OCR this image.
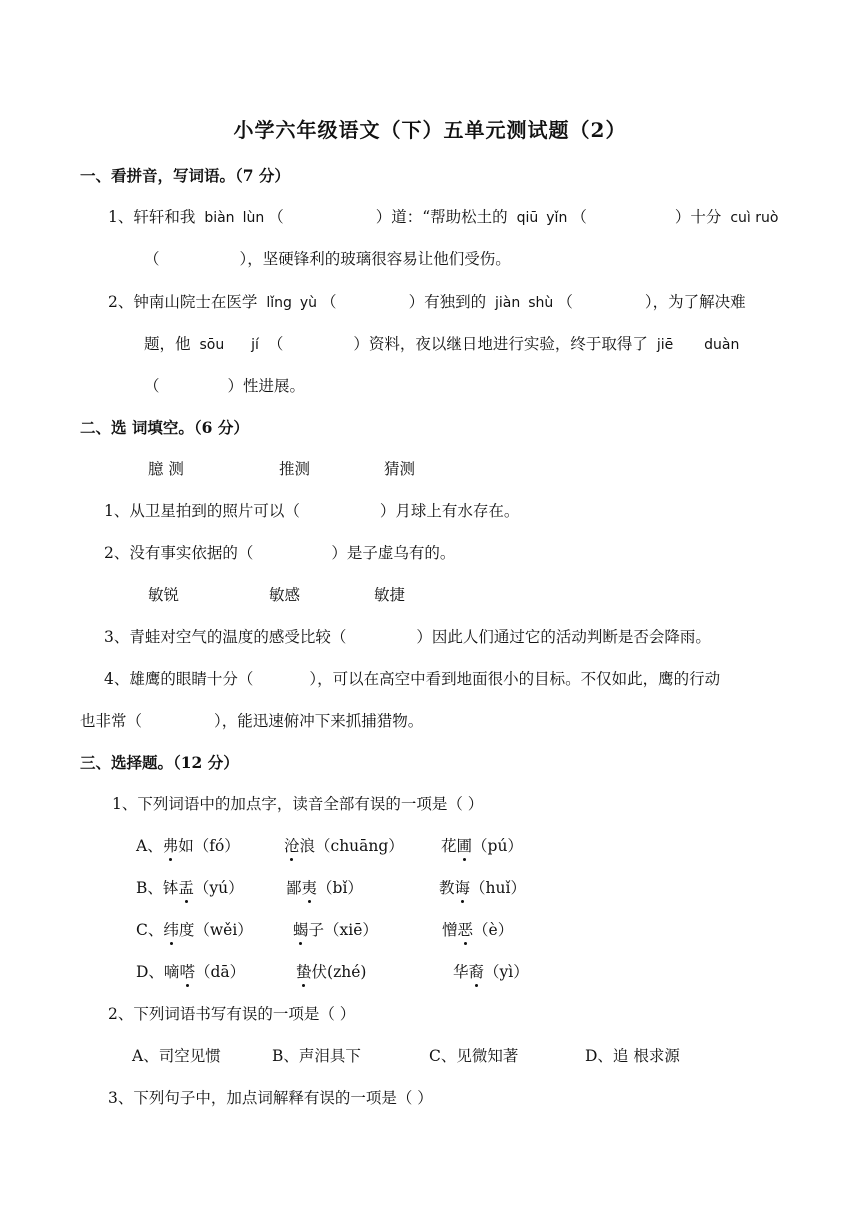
小学六年级语文（下）五单元测试题（2）
一、看拼音，写词语。（7 分）
1、轩轩和我 biàn lùn （	）道：“帮助松土的 qiū yǐn （	）十分 cuì ruò
（	），坚硬锋利的玻璃很容易让他们受伤。
2、钟南山院士在医学 lǐng yù （	）有独到的 jiàn shù （	），为了解决难
题，他 sōu jí （	）资料，夜以继日地进行实验，终于取得了 jiē duàn
（	）性进展。
二、选 词填空。（6 分）
臆 测	推测	猜测
1、从卫星拍到的照片可以（	）月球上有水存在。
2、没有事实依据的（	）是子虚乌有的。
敏锐	敏感	敏捷
3、青蛙对空气的温度的感受比较（	）因此人们通过它的活动判断是否会降雨。
4、雄鹰的眼睛十分（	），可以在高空中看到地面很小的目标。不仅如此，鹰的行动
也非常（	），能迅速俯冲下来抓捕猎物。
三、选择题。（12 分）
1、下列词语中的加点字，读音全部有误的一项是（ ）
A、弗如（fó）	沧浪（chuāng） 花圃（pú）
B、钵盂（yú）	鄙夷（bǐ）	教诲（huǐ）
C、纬度（wěi）	蝎子（xiē）	憎恶（è）
D、嘀嗒（dā）	蛰伏(zhé)	华裔（yì）
2、下列词语书写有误的一项是（ ）
A、司空见惯	B、声泪具下	C、见微知著	D、追 根求源
3、下列句子中，加点词解释有误的一项是（ ）
